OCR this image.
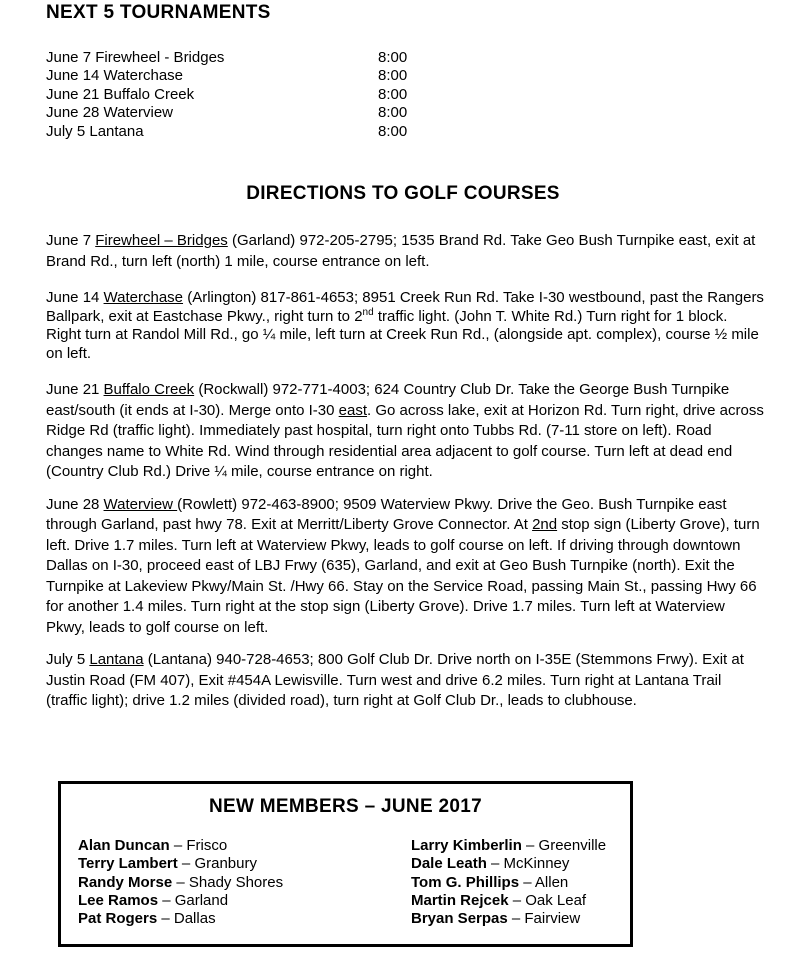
NEXT 5 TOURNAMENTS
June 7 Firewheel - Bridges	8:00
June 14 Waterchase	8:00
June 21 Buffalo Creek	8:00
June 28 Waterview	8:00
July 5 Lantana	8:00
DIRECTIONS TO GOLF COURSES

June 7 Firewheel – Bridges (Garland) 972-205-2795; 1535 Brand Rd. Take Geo Bush Turnpike east, exit at Brand Rd., turn left (north) 1 mile, course entrance on left.

June 14 Waterchase (Arlington) 817-861-4653; 8951 Creek Run Rd. Take I-30 westbound, past the Rangers Ballpark, exit at Eastchase Pkwy., right turn to 2nd traffic light. (John T. White Rd.) Turn right for 1 block. Right turn at Randol Mill Rd., go ¼ mile, left turn at Creek Run Rd., (alongside apt. complex), course ½ mile on left.

June 21 Buffalo Creek (Rockwall) 972-771-4003; 624 Country Club Dr. Take the George Bush Turnpike east/south (it ends at I-30). Merge onto I-30 east. Go across lake, exit at Horizon Rd. Turn right, drive across Ridge Rd (traffic light). Immediately past hospital, turn right onto Tubbs Rd. (7-11 store on left). Road changes name to White Rd. Wind through residential area adjacent to golf course. Turn left at dead end (Country Club Rd.) Drive ¼ mile, course entrance on right.

June 28 Waterview (Rowlett) 972-463-8900; 9509 Waterview Pkwy. Drive the Geo. Bush Turnpike east through Garland, past hwy 78. Exit at Merritt/Liberty Grove Connector. At 2nd stop sign (Liberty Grove), turn left. Drive 1.7 miles. Turn left at Waterview Pkwy, leads to golf course on left. If driving through downtown Dallas on I-30, proceed east of LBJ Frwy (635), Garland, and exit at Geo Bush Turnpike (north). Exit the Turnpike at Lakeview Pkwy/Main St. /Hwy 66. Stay on the Service Road, passing Main St., passing Hwy 66 for another 1.4 miles. Turn right at the stop sign (Liberty Grove). Drive 1.7 miles. Turn left at Waterview Pkwy, leads to golf course on left.

July 5 Lantana (Lantana) 940-728-4653; 800 Golf Club Dr. Drive north on I-35E (Stemmons Frwy). Exit at Justin Road (FM 407), Exit #454A Lewisville. Turn west and drive 6.2 miles. Turn right at Lantana Trail (traffic light); drive 1.2 miles (divided road), turn right at Golf Club Dr., leads to clubhouse.

NEW MEMBERS – JUNE 2017
Alan Duncan – Frisco
Terry Lambert – Granbury
Randy Morse – Shady Shores
Lee Ramos – Garland
Pat Rogers – Dallas
Larry Kimberlin – Greenville
Dale Leath – McKinney
Tom G. Phillips – Allen
Martin Rejcek – Oak Leaf
Bryan Serpas – Fairview
